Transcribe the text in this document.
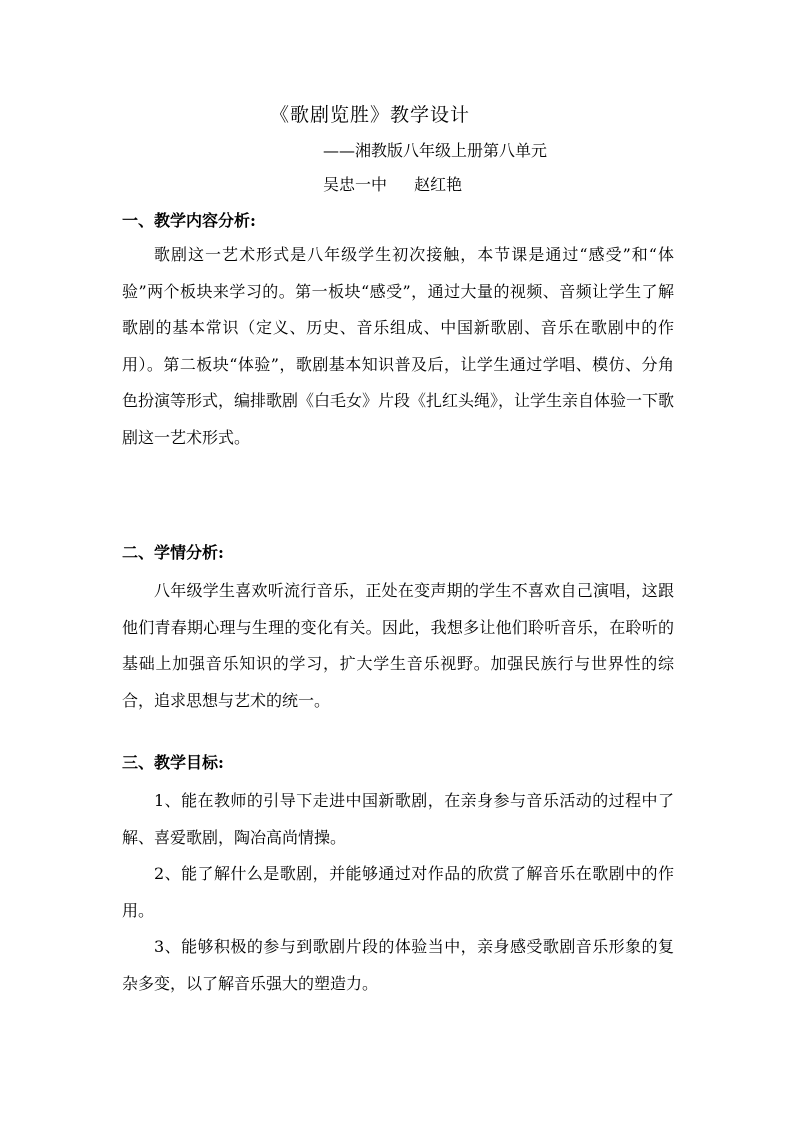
《歌剧览胜》教学设计
——湘教版八年级上册第八单元
吴忠一中 赵红艳
一、教学内容分析:

歌剧这一艺术形式是八年级学生初次接触，本节课是通过“感受”和“体验”两个板块来学习的。第一板块“感受”，通过大量的视频、音频让学生了解歌剧的基本常识（定义、历史、音乐组成、中国新歌剧、音乐在歌剧中的作用）。第二板块“体验”，歌剧基本知识普及后，让学生通过学唱、模仿、分角色扮演等形式，编排歌剧《白毛女》片段《扎红头绳》，让学生亲自体验一下歌剧这一艺术形式。

二、学情分析:

八年级学生喜欢听流行音乐，正处在变声期的学生不喜欢自己演唱，这跟他们青春期心理与生理的变化有关。因此，我想多让他们聆听音乐，在聆听的基础上加强音乐知识的学习，扩大学生音乐视野。加强民族行与世界性的综合，追求思想与艺术的统一。

三、教学目标:

1、能在教师的引导下走进中国新歌剧，在亲身参与音乐活动的过程中了解、喜爱歌剧，陶冶高尚情操。

2、能了解什么是歌剧，并能够通过对作品的欣赏了解音乐在歌剧中的作用。

3、能够积极的参与到歌剧片段的体验当中，亲身感受歌剧音乐形象的复杂多变，以了解音乐强大的塑造力。
